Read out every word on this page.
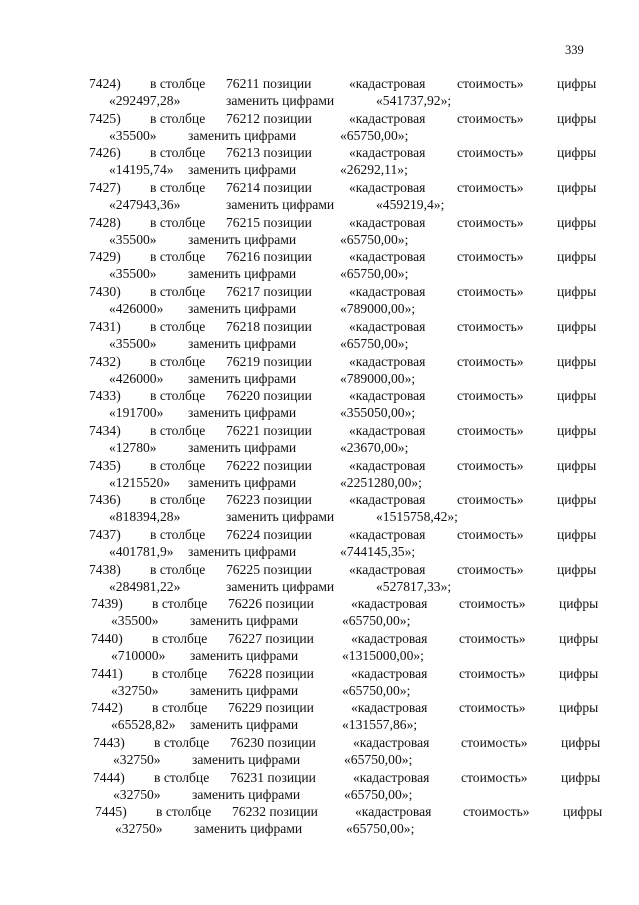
339
7424) в столбце 76211 позиции	«кадастровая стоимость» цифры
«292497,28»	заменить цифрами	«541737,92»;
7425) в столбце 76212 позиции	«кадастровая стоимость» цифры
«35500» заменить цифрами	«65750,00»;
7426) в столбце 76213 позиции	«кадастровая стоимость» цифры
«14195,74» заменить цифрами	«26292,11»;
7427) в столбце 76214 позиции	«кадастровая стоимость» цифры
«247943,36»	заменить цифрами	«459219,4»;
7428) в столбце 76215 позиции	«кадастровая стоимость» цифры
«35500» заменить цифрами	«65750,00»;
7429) в столбце 76216 позиции	«кадастровая стоимость» цифры
«35500» заменить цифрами	«65750,00»;
7430) в столбце 76217 позиции	«кадастровая стоимость» цифры
«426000» заменить цифрами	«789000,00»;
7431) в столбце 76218 позиции	«кадастровая стоимость» цифры
«35500» заменить цифрами	«65750,00»;
7432) в столбце 76219 позиции	«кадастровая стоимость» цифры
«426000» заменить цифрами	«789000,00»;
7433) в столбце 76220 позиции	«кадастровая стоимость» цифры
«191700» заменить цифрами	«355050,00»;
7434) в столбце 76221 позиции	«кадастровая стоимость» цифры
«12780» заменить цифрами	«23670,00»;
7435) в столбце 76222 позиции	«кадастровая стоимость» цифры
«1215520» заменить цифрами	«2251280,00»;
7436) в столбце 76223 позиции	«кадастровая стоимость» цифры
«818394,28»	заменить цифрами	«1515758,42»;
7437) в столбце 76224 позиции	«кадастровая стоимость» цифры
«401781,9» заменить цифрами	«744145,35»;
7438) в столбце 76225 позиции	«кадастровая стоимость» цифры
«284981,22»	заменить цифрами	«527817,33»;
7439) в столбце 76226 позиции	«кадастровая стоимость» цифры
«35500» заменить цифрами	«65750,00»;
7440) в столбце 76227 позиции	«кадастровая стоимость» цифры
«710000» заменить цифрами	«1315000,00»;
7441) в столбце 76228 позиции	«кадастровая стоимость» цифры
«32750» заменить цифрами	«65750,00»;
7442) в столбце 76229 позиции	«кадастровая стоимость» цифры
«65528,82» заменить цифрами	«131557,86»;
7443) в столбце 76230 позиции	«кадастровая стоимость» цифры
«32750» заменить цифрами	«65750,00»;
7444) в столбце 76231 позиции	«кадастровая стоимость» цифры
«32750» заменить цифрами	«65750,00»;
7445) в столбце 76232 позиции	«кадастровая стоимость» цифры
«32750» заменить цифрами	«65750,00»;
